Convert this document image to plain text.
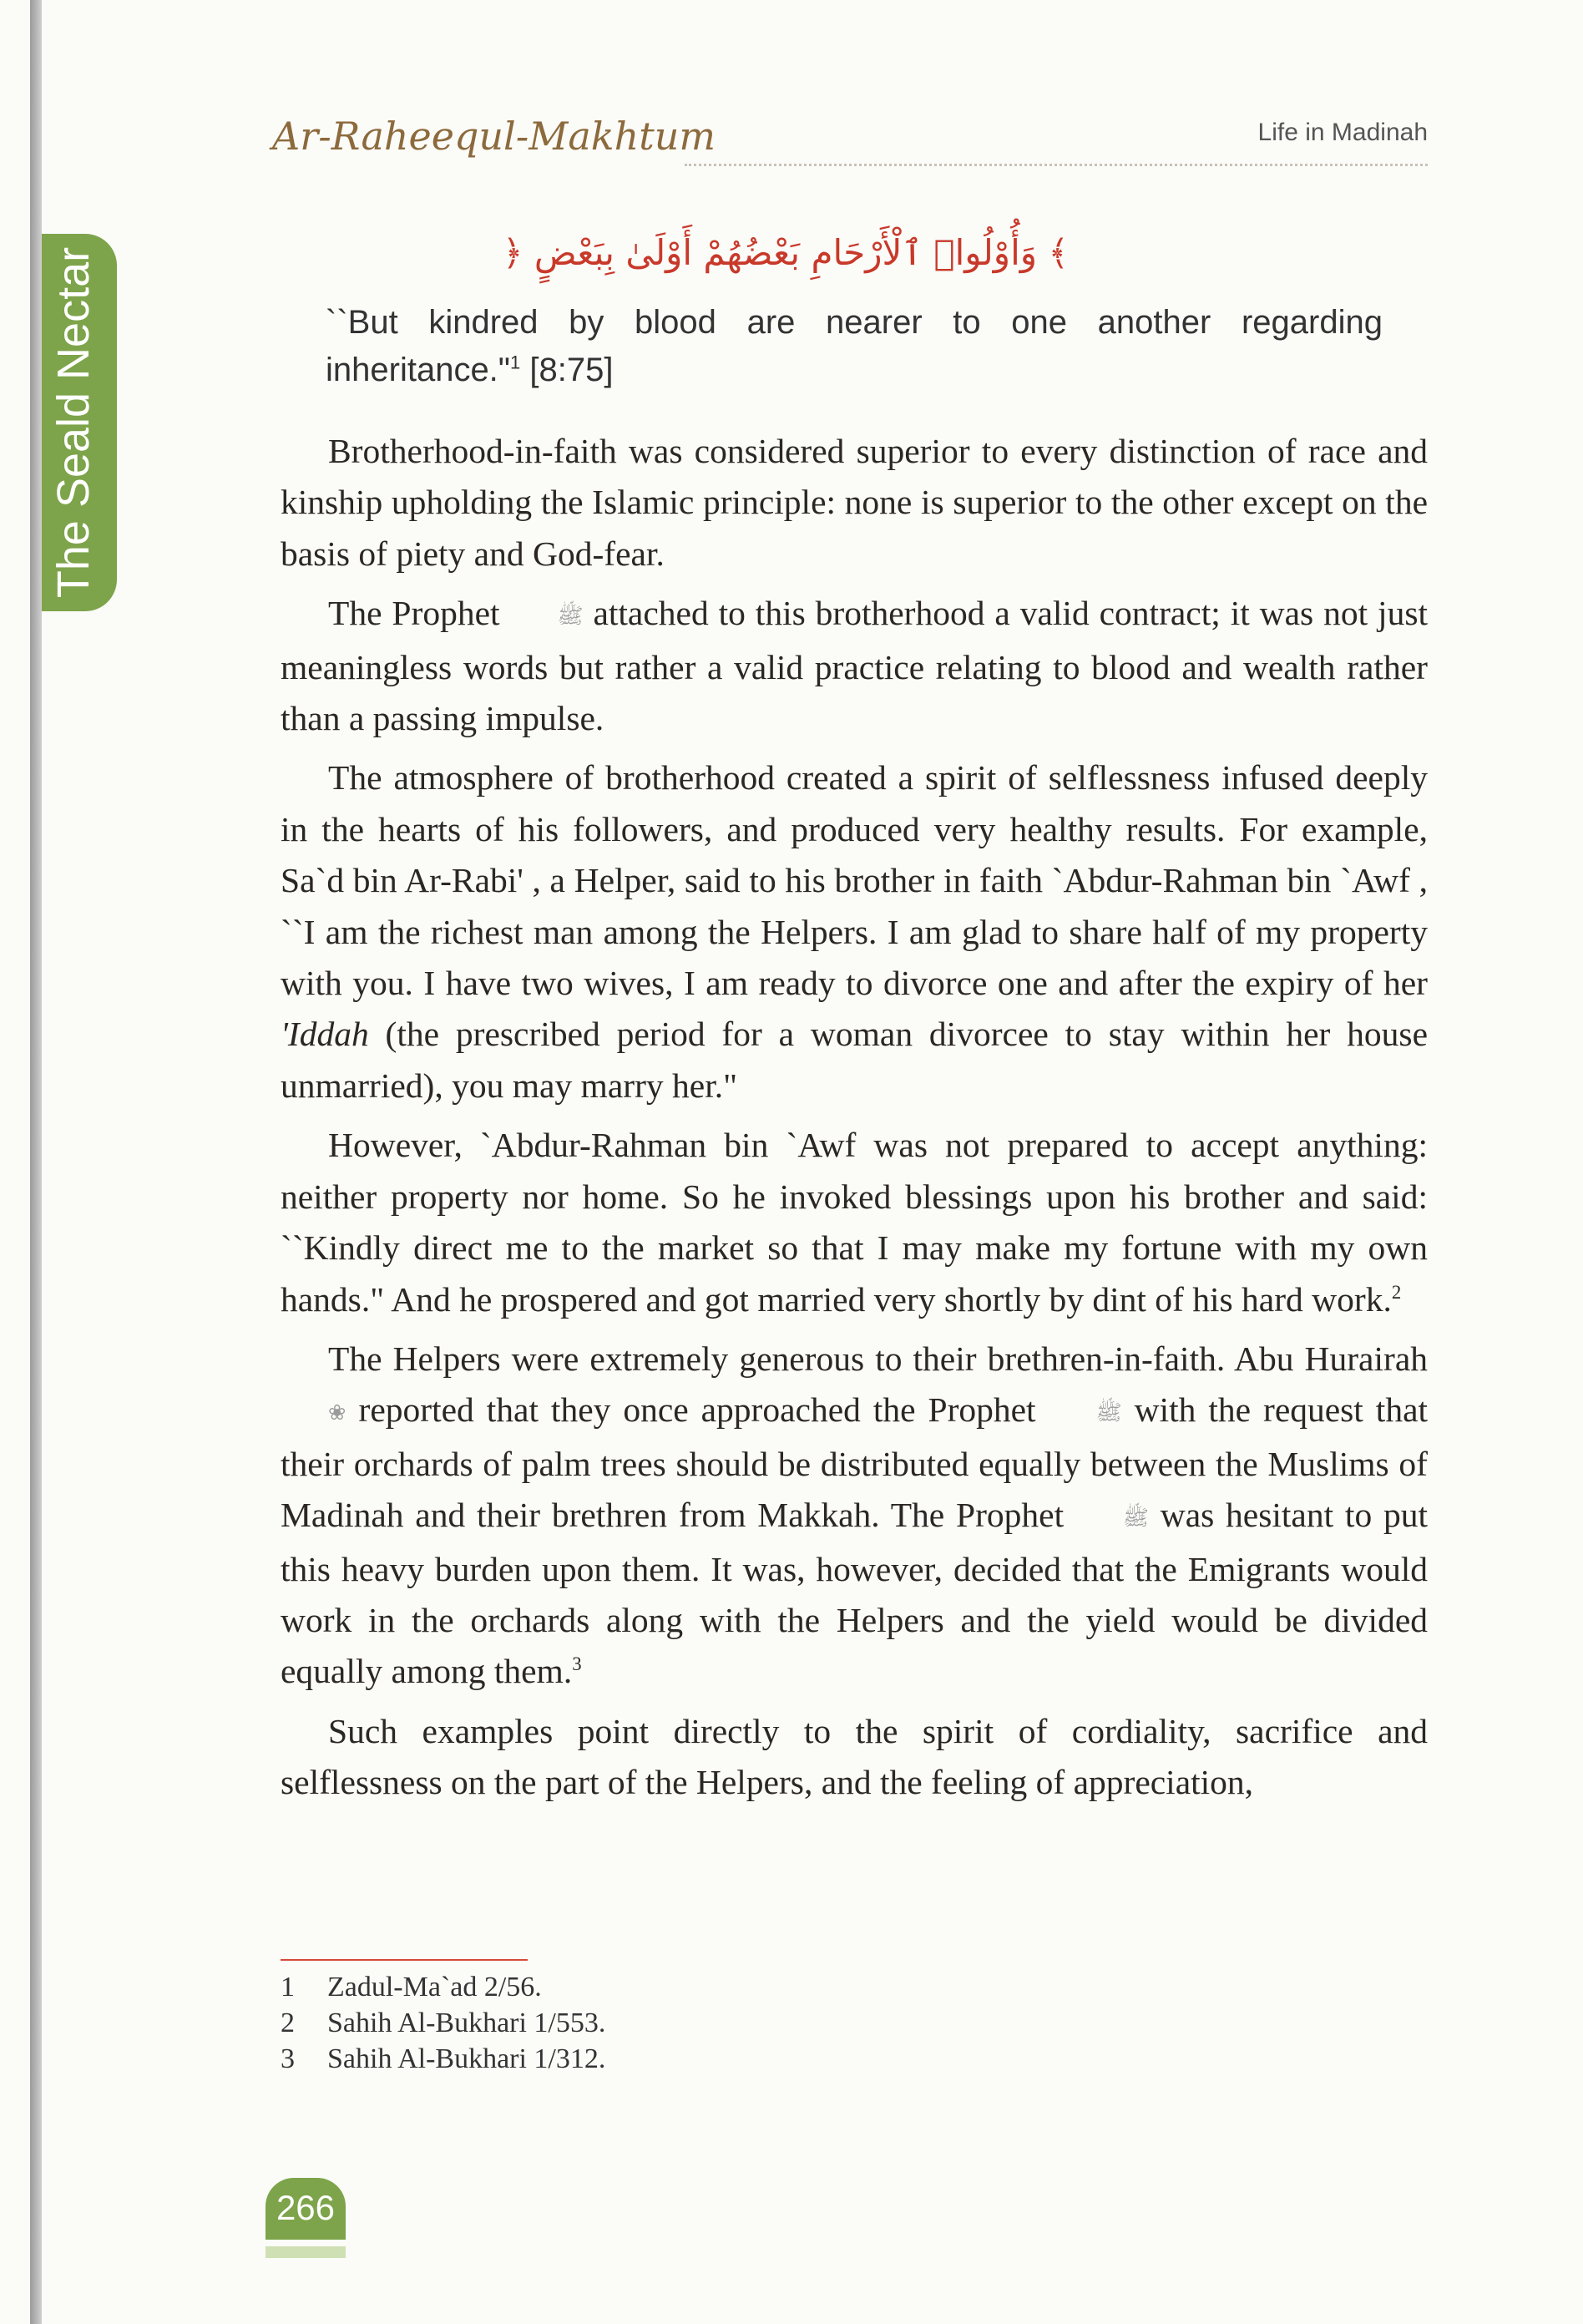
The Seald Nectar
Ar-Raheequl-Makhtum	Life in Madinah
﴾ وَأُوْلُوا۟ ٱلْأَرْحَامِ بَعْضُهُمْ أَوْلَىٰ بِبَعْضٍ ﴿
``But kindred by blood are nearer to one another regarding inheritance."$^1$ [8:75]

Brotherhood-in-faith was considered superior to every distinction of race and kinship upholding the Islamic principle: none is superior to the other except on the basis of piety and God-fear.

The Prophet	ﷺ attached to this brotherhood a valid contract; it was not just meaningless words but rather a valid practice relating to blood and wealth rather than a passing impulse.

The atmosphere of brotherhood created a spirit of selflessness infused deeply in the hearts of his followers, and produced very healthy results. For example, Sa`d bin Ar-Rabi' , a Helper, said to his brother in faith `Abdur-Rahman bin `Awf , ``I am the richest man among the Helpers. I am glad to share half of my property with you. I have two wives, I am ready to divorce one and after the expiry of her 'Iddah (the prescribed period for a woman divorcee to stay within her house unmarried), you may marry her."

However, `Abdur-Rahman bin `Awf was not prepared to accept anything: neither property nor home. So he invoked blessings upon his brother and said: ``Kindly direct me to the market so that I may make my fortune with my own hands." And he prospered and got married very shortly by dint of his hard work.$^2$

The Helpers were extremely generous to their brethren-in-faith. Abu Hurairah ❀ reported that they once approached the Prophet	ﷺ with the request that their orchards of palm trees should be distributed equally between the Muslims of Madinah and their brethren from Makkah. The Prophet	ﷺ was hesitant to put this heavy burden upon them. It was, however, decided that the Emigrants would work in the orchards along with the Helpers and the yield would be divided equally among them.$^3$

Such examples point directly to the spirit of cordiality, sacrifice and selflessness on the part of the Helpers, and the feeling of appreciation,

1	Zadul-Ma`ad 2/56.
2	Sahih Al-Bukhari 1/553.
3	Sahih Al-Bukhari 1/312.
266
